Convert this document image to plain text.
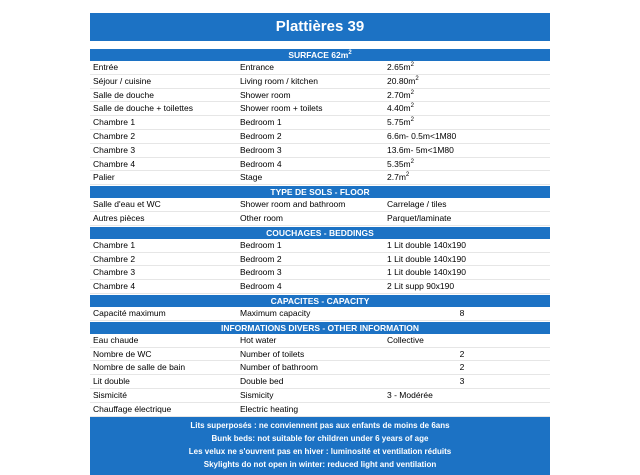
Plattières 39
SURFACE $62m^2$
Entrée	Entrance	$2.65m^2$
Séjour / cuisine	Living room / kitchen	$20.80m^2$
Salle de douche	Shower room	$2.70m^2$
Salle de douche + toilettes	Shower room + toilets	$4.40m^2$
Chambre 1	Bedroom 1	$5.75m^2$
Chambre 2	Bedroom 2	6.6m- 0.5m<1M80
Chambre 3	Bedroom 3	13.6m- 5m<1M80
Chambre 4	Bedroom 4	$5.35m^2$
Palier	Stage	$2.7m^2$
TYPE DE SOLS - FLOOR
Salle d'eau et WC	Shower room and bathroom	Carrelage / tiles
Autres pièces	Other room	Parquet/laminate
COUCHAGES - BEDDINGS
Chambre 1	Bedroom 1	1 Lit double 140x190
Chambre 2	Bedroom 2	1 Lit double 140x190
Chambre 3	Bedroom 3	1 Lit double 140x190
Chambre 4	Bedroom 4	2 Lit supp 90x190
CAPACITES - CAPACITY
Capacité maximum	Maximum capacity	8
INFORMATIONS DIVERS - OTHER INFORMATION
Eau chaude	Hot water	Collective
Nombre de WC	Number of toilets	2
Nombre de salle de bain	Number of bathroom	2
Lit double	Double bed	3
Sismicité	Sismicity	3 - Modérée
Chauffage électrique	Electric heating
Lits superposés : ne conviennent pas aux enfants de moins de 6ans
Bunk beds: not suitable for children under 6 years of age
Les velux ne s'ouvrent pas en hiver : luminosité et ventilation réduits
Skylights do not open in winter: reduced light and ventilation
